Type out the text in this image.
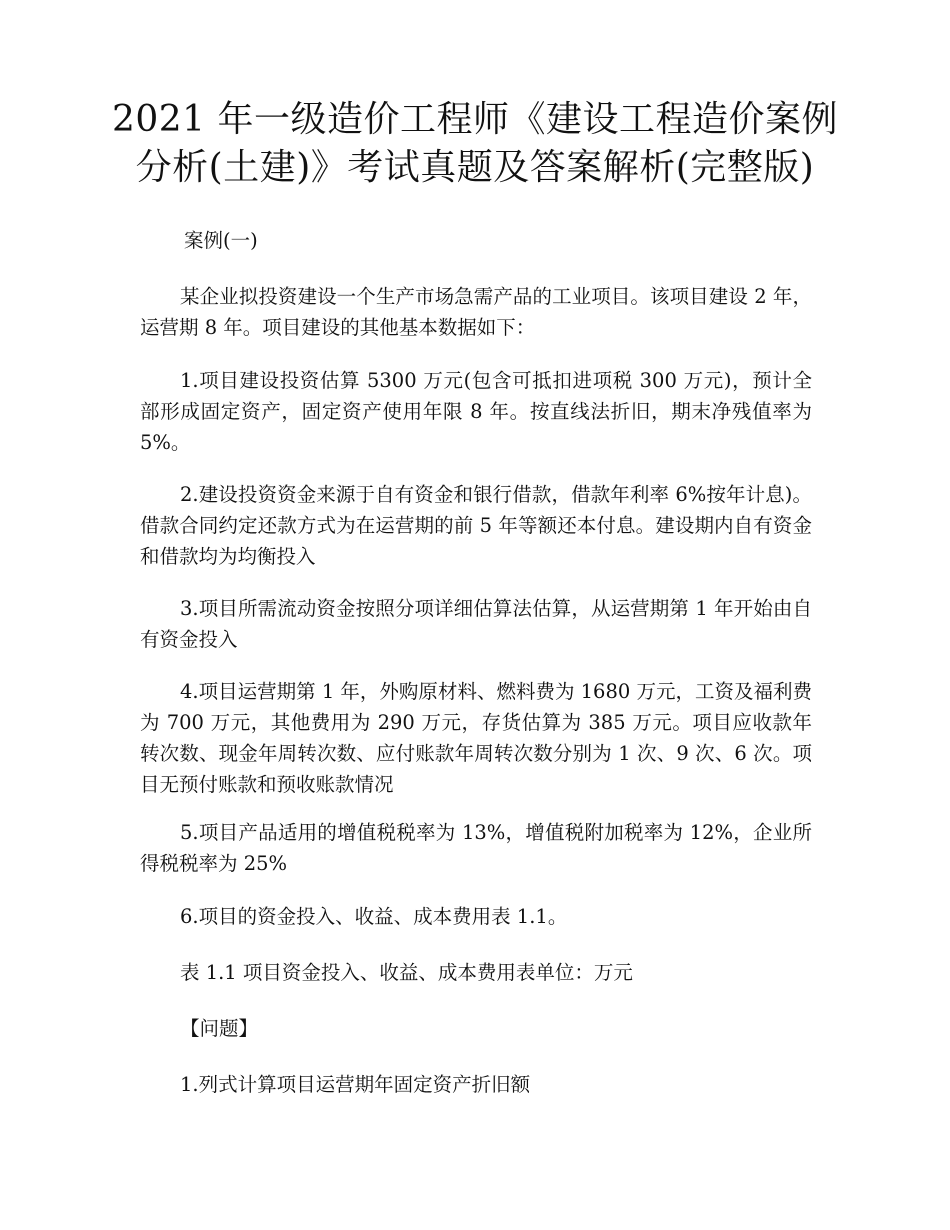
2021 年一级造价工程师《建设工程造价案例
分析(土建)》考试真题及答案解析(完整版)

案例(一)

某企业拟投资建设一个生产市场急需产品的工业项目。该项目建设 2 年，运营期 8 年。项目建设的其他基本数据如下：

1.项目建设投资估算 5300 万元(包含可抵扣进项税 300 万元)，预计全部形成固定资产，固定资产使用年限 8 年。按直线法折旧，期末净残值率为 5%。

2.建设投资资金来源于自有资金和银行借款，借款年利率 6%按年计息)。借款合同约定还款方式为在运营期的前 5 年等额还本付息。建设期内自有资金和借款均为均衡投入

3.项目所需流动资金按照分项详细估算法估算，从运营期第 1 年开始由自有资金投入

4.项目运营期第 1 年，外购原材料、燃料费为 1680 万元，工资及福利费为 700 万元，其他费用为 290 万元，存货估算为 385 万元。项目应收款年转次数、现金年周转次数、应付账款年周转次数分别为 1 次、9 次、6 次。项目无预付账款和预收账款情况

5.项目产品适用的增值税税率为 13%，增值税附加税率为 12%，企业所得税税率为 25%

6.项目的资金投入、收益、成本费用表 1.1。

表 1.1 项目资金投入、收益、成本费用表单位：万元

【问题】

1.列式计算项目运营期年固定资产折旧额
